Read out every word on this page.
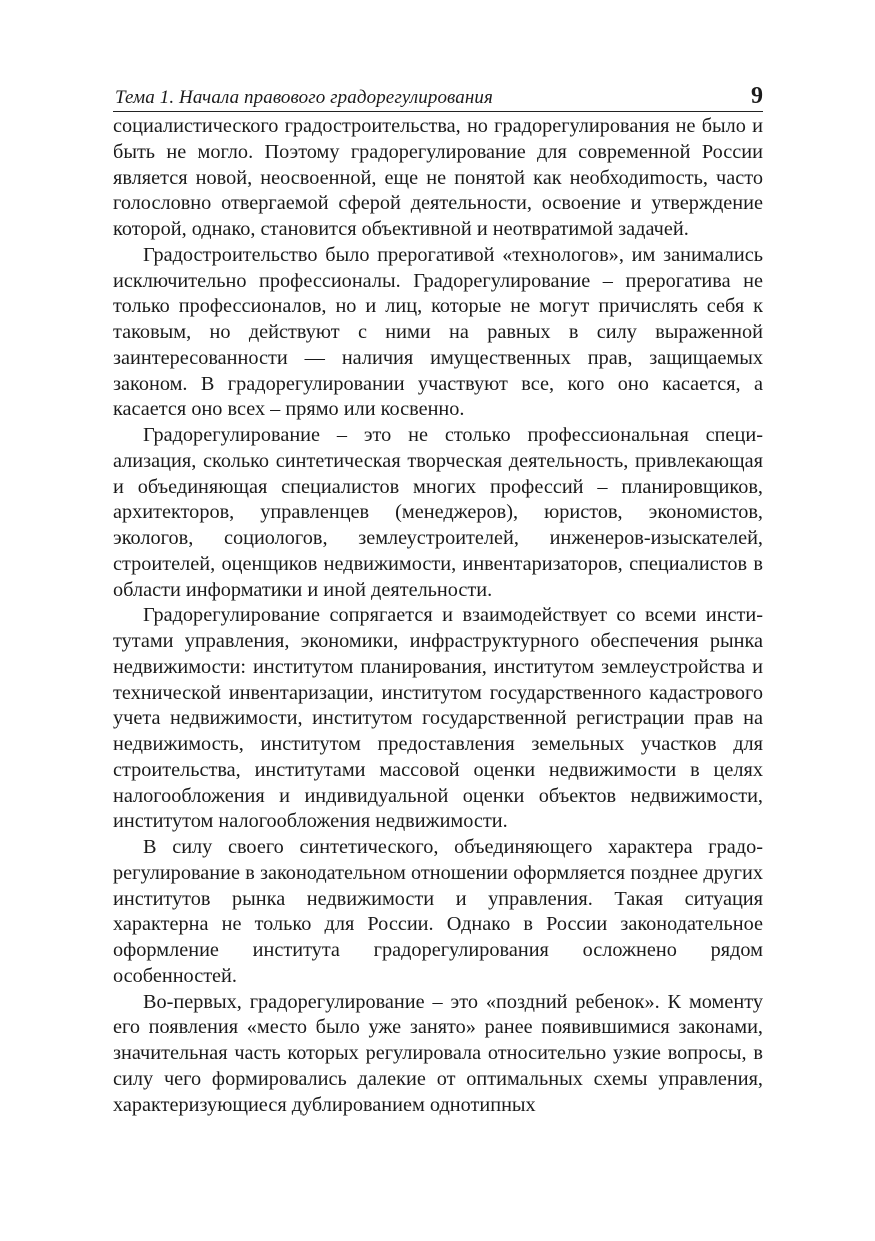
Тема 1. Начала правового градорегулирования	9

социалистического градостроительства, но градорегулирования не было и быть не могло. Поэтому градорегулирование для современной России является новой, неосвоенной, еще не понятой как необходиmость, часто голословно отвергаемой сферой деятельности, освоение и утверждение которой, однако, становится объективной и неотвратимой задачей.

Градостроительство было прерогативой «технологов», им занимались исключительно профессионалы. Градорегулирование – прерогатива не только профессионалов, но и лиц, которые не могут причислять себя к таковым, но действуют с ними на равных в силу выраженной заинтересованности — наличия имущественных прав, защищаемых законом. В градорегулировании участвуют все, кого оно касается, а касается оно всех – прямо или косвенно.

Градорегулирование – это не столько профессиональная специализация, сколько синтетическая творческая деятельность, привлекающая и объединяющая специалистов многих профессий – планировщиков, архитекторов, управленцев (менеджеров), юристов, экономистов, экологов, социологов, землеустроителей, инженеров-изыскателей, строителей, оценщиков недвижимости, инвентаризаторов, специалистов в области информатики и иной деятельности.

Градорегулирование сопрягается и взаимодействует со всеми институтами управления, экономики, инфраструктурного обеспечения рынка недвижимости: институтом планирования, институтом землеустройства и технической инвентаризации, институтом государственного кадастрового учета недвижимости, институтом государственной регистрации прав на недвижимость, институтом предоставления земельных участков для строительства, институтами массовой оценки недвижимости в целях налогообложения и индивидуальной оценки объектов недвижимости, институтом налогообложения недвижимости.

В силу своего синтетического, объединяющего характера градорегулирование в законодательном отношении оформляется позднее других институтов рынка недвижимости и управления. Такая ситуация характерна не только для России. Однако в России законодательное оформление института градорегулирования осложнено рядом особенностей.

Во-первых, градорегулирование – это «поздний ребенок». К моменту его появления «место было уже занято» ранее появившимися законами, значительная часть которых регулировала относительно узкие вопросы, в силу чего формировались далекие от оптимальных схемы управления, характеризующиеся дублированием однотипных
